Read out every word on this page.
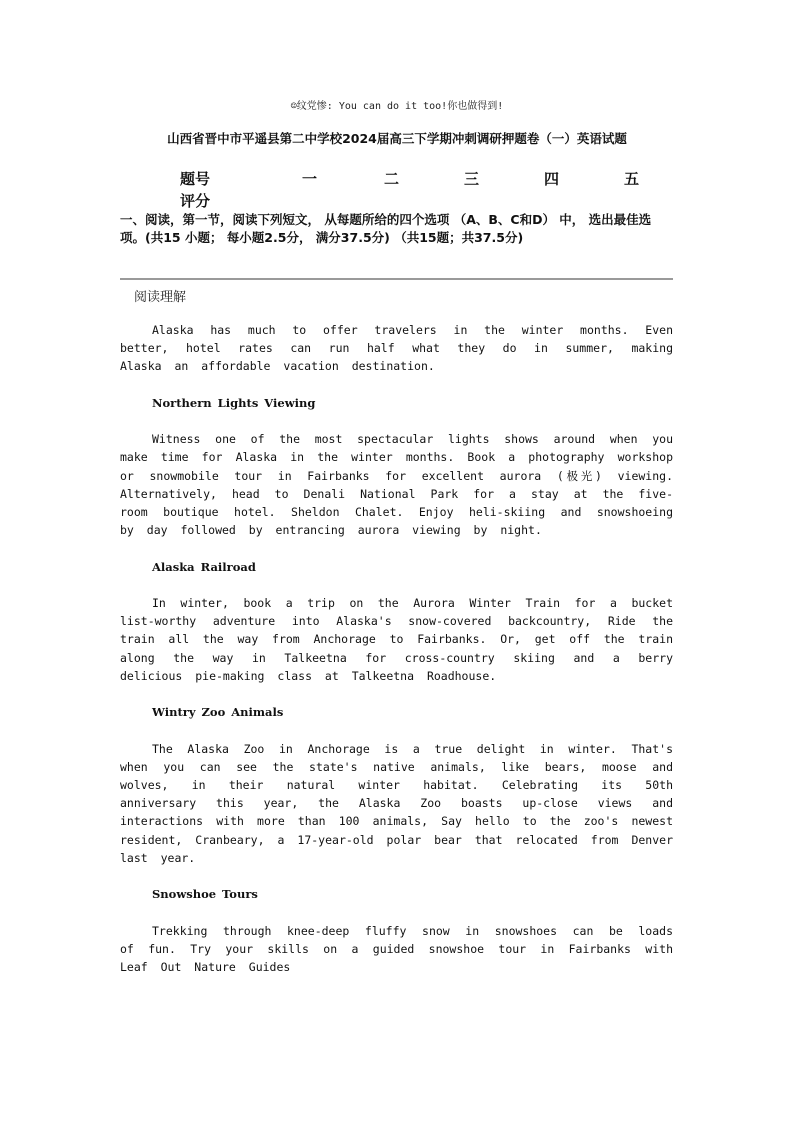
☺纹党惨: You can do it too!你也做得到!
山西省晋中市平遥县第二中学校2024届高三下学期冲刺调研押题卷（一）英语试题
题号	一	二	三	四	五
评分
一、阅读，第一节，阅读下列短文， 从每题所给的四个选项 （A、B、C和D） 中， 选出最佳选项。(共15 小题； 每小题2.5分， 满分37.5分) （共15题；共37.5分)
阅读理解

Alaska has much to offer travelers in the winter months. Even better, hotel rates can run half what they do in summer, making Alaska an affordable vacation destination.

Northern Lights Viewing

Witness one of the most spectacular lights shows around when you make time for Alaska in the winter months. Book a photography workshop or snowmobile tour in Fairbanks for excellent aurora (极光) viewing. Alternatively, head to Denali National Park for a stay at the five-room boutique hotel. Sheldon Chalet. Enjoy heli-skiing and snowshoeing by day followed by entrancing aurora viewing by night.

Alaska Railroad

In winter, book a trip on the Aurora Winter Train for a bucket list-worthy adventure into Alaska's snow-covered backcountry, Ride the train all the way from Anchorage to Fairbanks. Or, get off the train along the way in Talkeetna for cross-country skiing and a berry delicious pie-making class at Talkeetna Roadhouse.

Wintry Zoo Animals

The Alaska Zoo in Anchorage is a true delight in winter. That's when you can see the state's native animals, like bears, moose and wolves, in their natural winter habitat. Celebrating its 50th anniversary this year, the Alaska Zoo boasts up-close views and interactions with more than 100 animals, Say hello to the zoo's newest resident, Cranbeary, a 17-year-old polar bear that relocated from Denver last year.

Snowshoe Tours

Trekking through knee-deep fluffy snow in snowshoes can be loads of fun. Try your skills on a guided snowshoe tour in Fairbanks with Leaf Out Nature Guides
